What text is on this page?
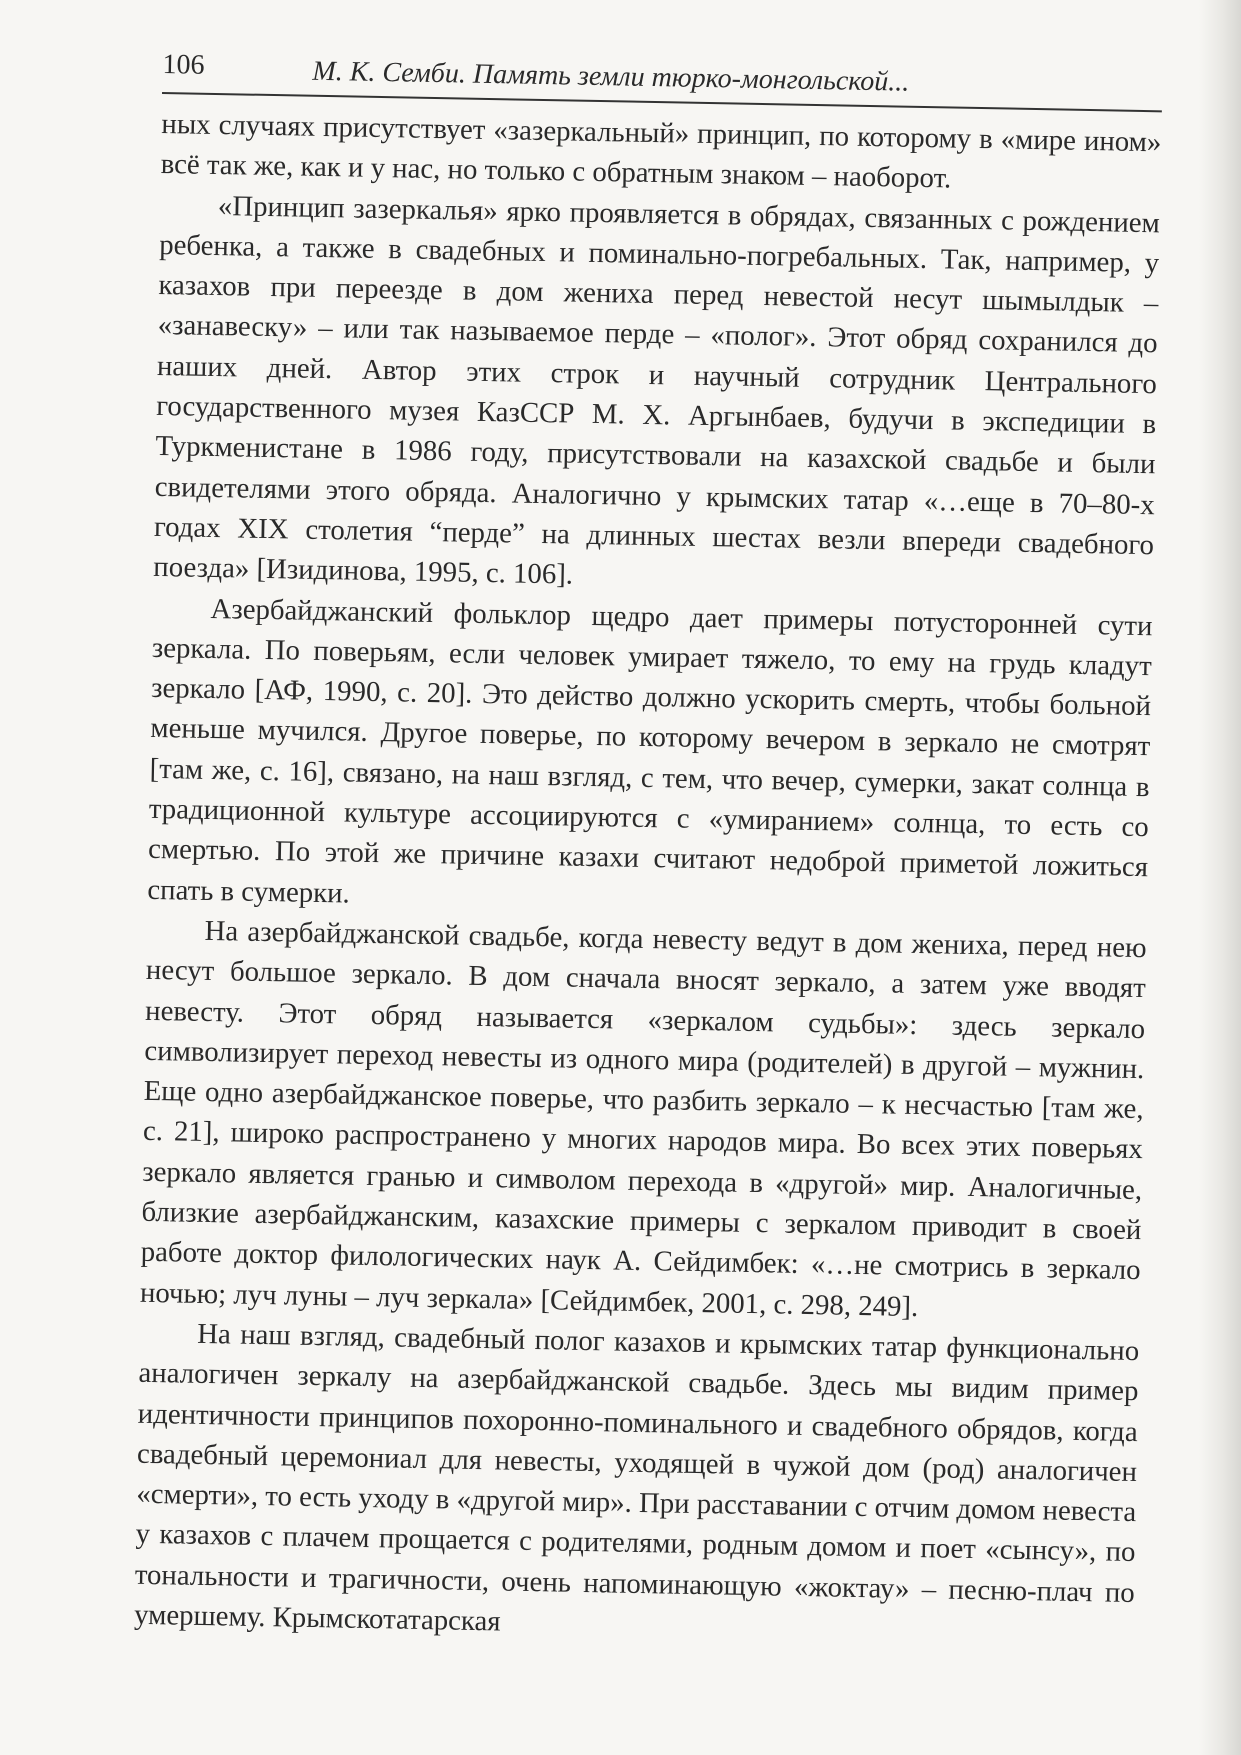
106	М. К. Семби. Память земли тюрко-монгольской...

ных случаях присутствует «зазеркальный» принцип, по которому в «мире ином» всё так же, как и у нас, но только с обратным знаком – наоборот.

«Принцип зазеркалья» ярко проявляется в обрядах, связанных с рождением ребенка, а также в свадебных и поминально-погребальных. Так, например, у казахов при переезде в дом жениха перед невестой несут шымылдык – «занавеску» – или так называемое перде – «полог». Этот обряд сохранился до наших дней. Автор этих строк и научный сотрудник Центрального государственного музея КазССР М. Х. Аргынбаев, будучи в экспедиции в Туркменистане в 1986 году, присутствовали на казахской свадьбе и были свидетелями этого обряда. Аналогично у крымских татар «…еще в 70–80-х годах XIX столетия “перде” на длинных шестах везли впереди свадебного поезда» [Изидинова, 1995, с. 106].

Азербайджанский фольклор щедро дает примеры потусторонней сути зеркала. По поверьям, если человек умирает тяжело, то ему на грудь кладут зеркало [АФ, 1990, с. 20]. Это действо должно ускорить смерть, чтобы больной меньше мучился. Другое поверье, по которому вечером в зеркало не смотрят [там же, с. 16], связано, на наш взгляд, с тем, что вечер, сумерки, закат солнца в традиционной культуре ассоциируются с «умиранием» солнца, то есть со смертью. По этой же причине казахи считают недоброй приметой ложиться спать в сумерки.

На азербайджанской свадьбе, когда невесту ведут в дом жениха, перед нею несут большое зеркало. В дом сначала вносят зеркало, а затем уже вводят невесту. Этот обряд называется «зеркалом судьбы»: здесь зеркало символизирует переход невесты из одного мира (родителей) в другой – мужнин. Еще одно азербайджанское поверье, что разбить зеркало – к несчастью [там же, с. 21], широко распространено у многих народов мира. Во всех этих поверьях зеркало является гранью и символом перехода в «другой» мир. Аналогичные, близкие азербайджанским, казахские примеры с зеркалом приводит в своей работе доктор филологических наук А. Сейдимбек: «…не смотрись в зеркало ночью; луч луны – луч зеркала» [Сейдимбек, 2001, с. 298, 249].

На наш взгляд, свадебный полог казахов и крымских татар функционально аналогичен зеркалу на азербайджанской свадьбе. Здесь мы видим пример идентичности принципов похоронно-поминального и свадебного обрядов, когда свадебный церемониал для невесты, уходящей в чужой дом (род) аналогичен «смерти», то есть уходу в «другой мир». При расставании с отчим домом невеста у казахов с плачем прощается с родителями, родным домом и поет «сынсу», по тональности и трагичности, очень напоминающую «жоктау» – песню-плач по умершему. Крымскотатарская
